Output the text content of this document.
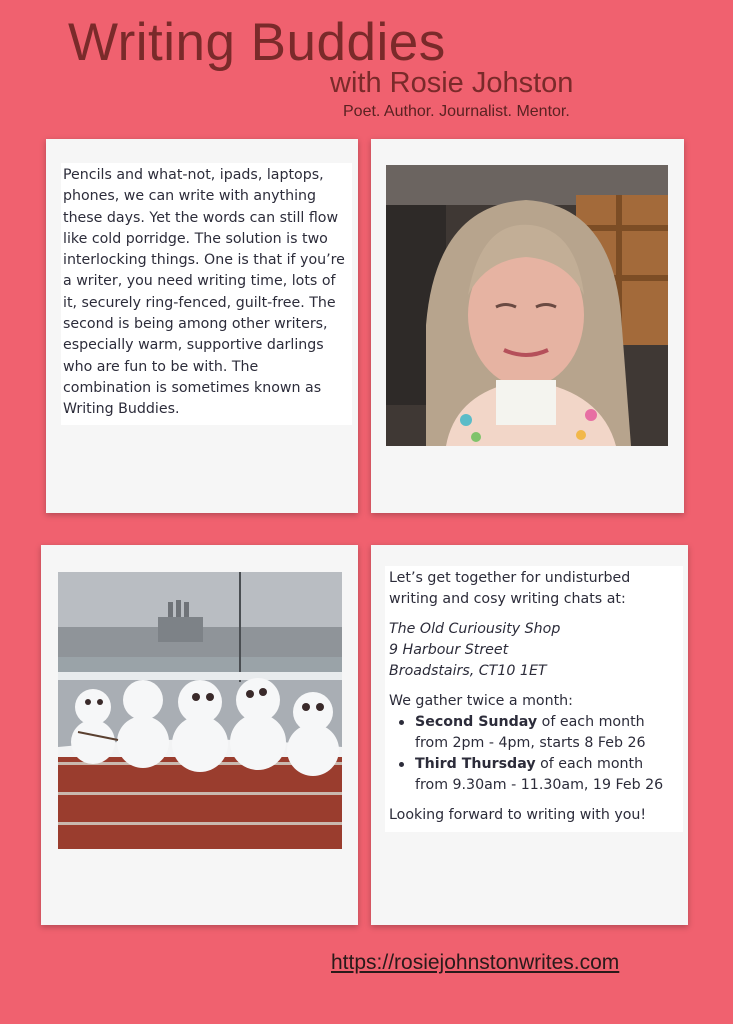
Writing Buddies
with Rosie Johston
Poet. Author. Journalist. Mentor.
Pencils and what-not, ipads, laptops, phones, we can write with anything these days. Yet the words can still flow like cold porridge. The solution is two interlocking things. One is that if you’re a writer, you need writing time, lots of it, securely ring-fenced, guilt-free. The second is being among other writers, especially warm, supportive darlings who are fun to be with. The combination is sometimes known as Writing Buddies.

Let’s get together for undisturbed writing and cosy writing chats at:

The Old Curiousity Shop
9 Harbour Street
Broadstairs, CT10 1ET

We gather twice a month:

Second Sunday of each month from 2pm - 4pm, starts 8 Feb 26
Third Thursday of each month from 9.30am - 11.30am, 19 Feb 26

Looking forward to writing with you!

https://rosiejohnstonwrites.com
